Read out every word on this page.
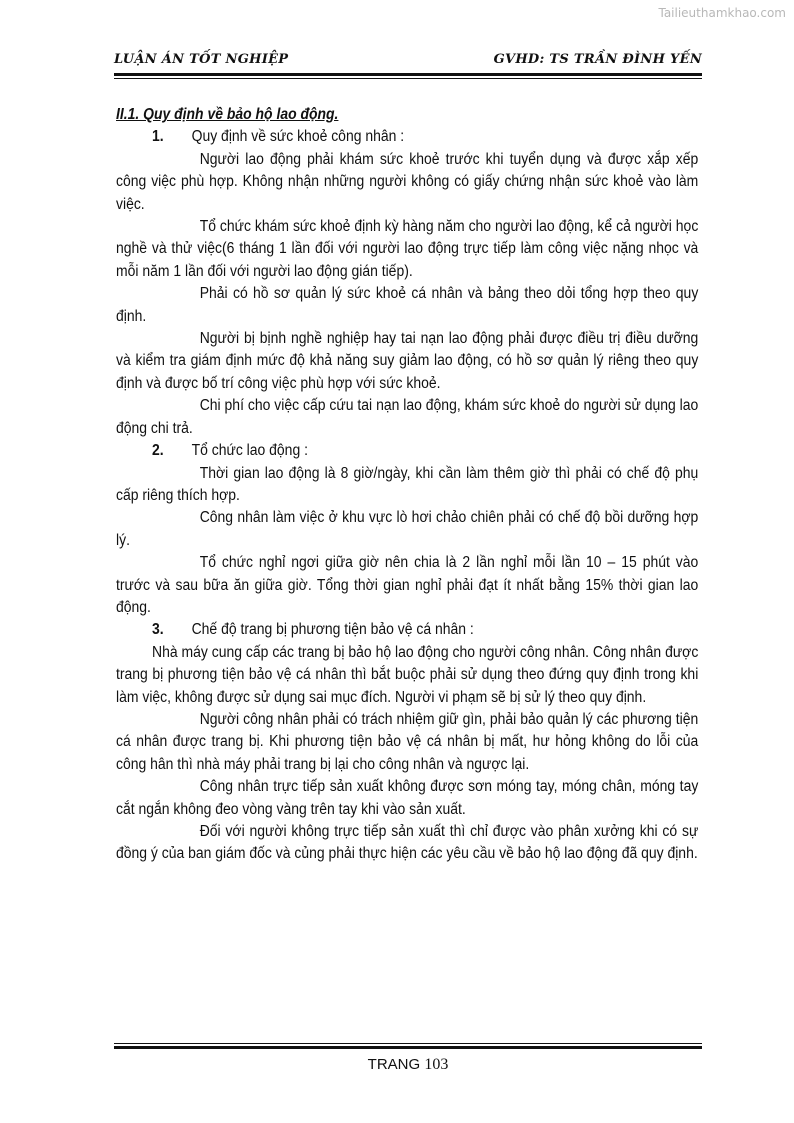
Tailieuthamkhao.com
LUẬN ÁN TỐT NGHIỆP	GVHD: TS TRẦN ĐÌNH YẾN

II.1. Quy định về bảo hộ lao động.

1. Quy định về sức khoẻ công nhân :

Người lao động phải khám sức khoẻ trước khi tuyển dụng và được xắp xếp công việc phù hợp. Không nhận những người không có giấy chứng nhận sức khoẻ vào làm việc.

Tổ chức khám sức khoẻ định kỳ hàng năm cho người lao động, kể cả người học nghề và thử việc(6 tháng 1 lần đối với người lao động trực tiếp làm công việc nặng nhọc và mỗi năm 1 lần đối với người lao động gián tiếp).

Phải có hồ sơ quản lý sức khoẻ cá nhân và bảng theo dỏi tổng hợp theo quy định.

Người bị bịnh nghề nghiệp hay tai nạn lao động phải được điều trị điều dưỡng và kiểm tra giám định mức độ khả năng suy giảm lao động, có hồ sơ quản lý riêng theo quy định và được bố trí công việc phù hợp với sức khoẻ.

Chi phí cho việc cấp cứu tai nạn lao động, khám sức khoẻ do người sử dụng lao động chi trả.

2. Tổ chức lao động :

Thời gian lao động là 8 giờ/ngày, khi cần làm thêm giờ thì phải có chế độ phụ cấp riêng thích hợp.

Công nhân làm việc ở khu vực lò hơi chảo chiên phải có chế độ bồi dưỡng hợp lý.

Tổ chức nghỉ ngơi giữa giờ nên chia là 2 lần nghỉ mỗi lần 10 – 15 phút vào trước và sau bữa ăn giữa giờ. Tổng thời gian nghỉ phải đạt ít nhất bằng 15% thời gian lao động.

3. Chế độ trang bị phương tiện bảo vệ cá nhân :

Nhà máy cung cấp các trang bị bảo hộ lao động cho người công nhân. Công nhân được trang bị phương tiện bảo vệ cá nhân thì bắt buộc phải sử dụng theo đứng quy định trong khi làm việc, không được sử dụng sai mục đích. Người vi phạm sẽ bị sử lý theo quy định.

Người công nhân phải có trách nhiệm giữ gìn, phải bảo quản lý các phương tiện cá nhân được trang bị. Khi phương tiện bảo vệ cá nhân bị mất, hư hỏng không do lỗi của công hân thì nhà máy phải trang bị lại cho công nhân và ngược lại.

Công nhân trực tiếp sản xuất không được sơn móng tay, móng chân, móng tay cắt ngắn không đeo vòng vàng trên tay khi vào sản xuất.

Đối với người không trực tiếp sản xuất thì chỉ được vào phân xưởng khi có sự đồng ý của ban giám đốc và củng phải thực hiện các yêu cầu về bảo hộ lao động đã quy định.

TRANG 103
